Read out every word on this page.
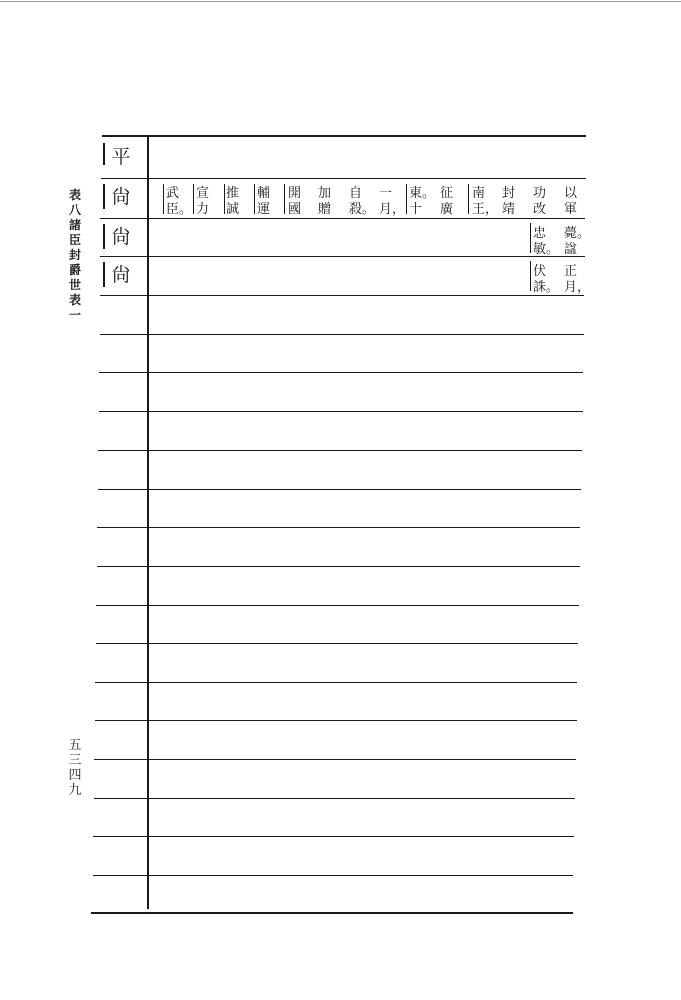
表八　諸臣封爵世表一
五三四九
平
尙
尙
尙
以
軍
功
改
封
靖
南
王，
征
廣
東。
十
一
月，
自
殺。
加
贈
開
國
輔
運
推
誠
宣
力
武
臣。
薨。
諡
忠
敏。
正
月，
伏
誅。
